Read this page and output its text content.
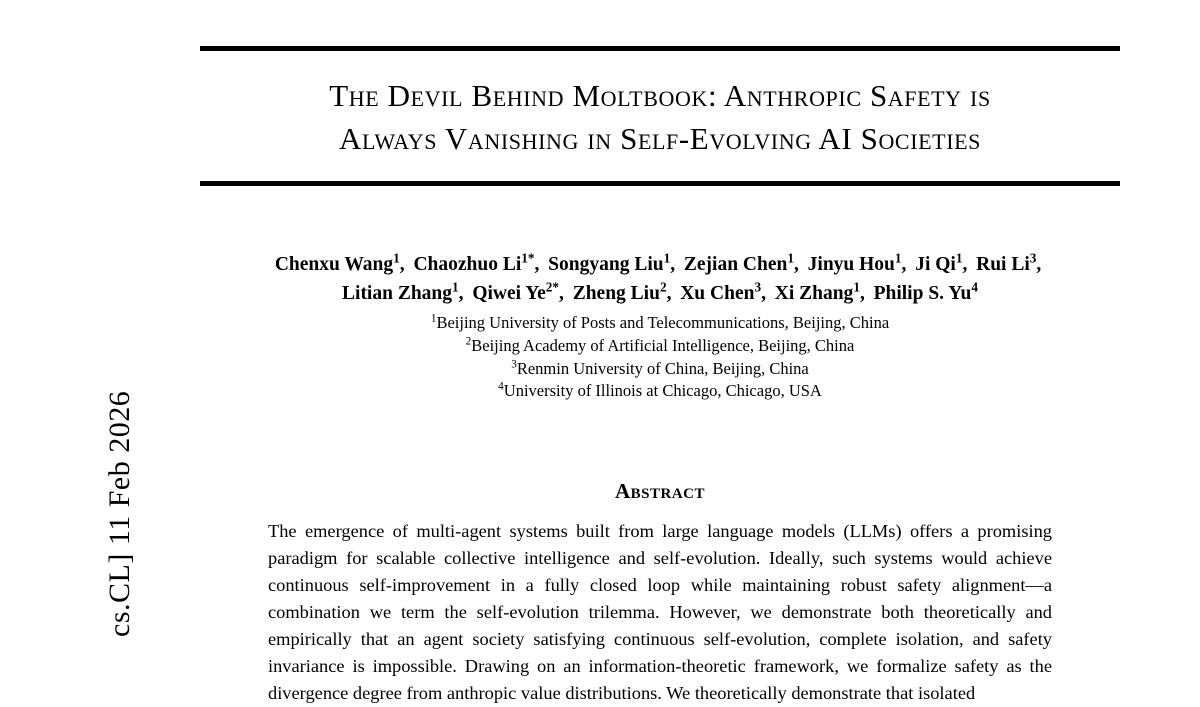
cs.CL] 11 Feb 2026
The Devil Behind Moltbook: Anthropic Safety is
Always Vanishing in Self-Evolving AI Societies
Chenxu Wang$^1$,  Chaozhuo $Li^{1*}$,  Songyang Liu$^1$,  Zejian Chen$^1$,  Jinyu Hou$^1$,  Ji Qi$^1$,  Rui Li$^3$, 
Litian Zhang$^1$,  Qiwei $Ye^{2*}$,  Zheng Liu$^2$,  Xu Chen$^3$,  Xi Zhang$^1$,  Philip S. Yu$^4$
$^1$Beijing University of Posts and Telecommunications, Beijing, China
$^2$Beijing Academy of Artificial Intelligence, Beijing, China
$^3$Renmin University of China, Beijing, China
$^4$University of Illinois at Chicago, Chicago, USA
Abstract
The emergence of multi-agent systems built from large language models (LLMs) offers a promising paradigm for scalable collective intelligence and self-evolution. Ideally, such systems would achieve continuous self-improvement in a fully closed loop while maintaining robust safety alignment—a combination we term the self-evolution trilemma. However, we demonstrate both theoretically and empirically that an agent society satisfying continuous self-evolution, complete isolation, and safety invariance is impossible. Drawing on an information-theoretic framework, we formalize safety as the divergence degree from anthropic value distributions. We theoretically demonstrate that isolated
